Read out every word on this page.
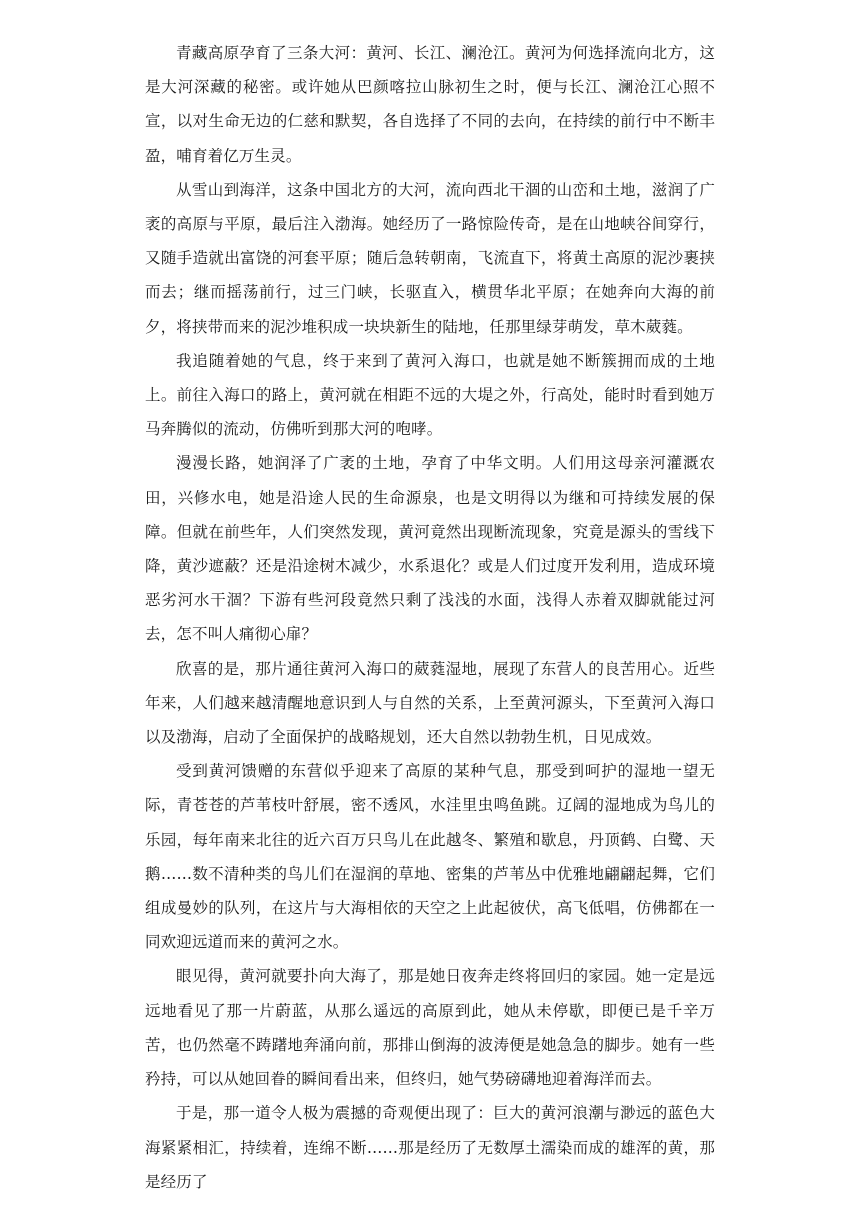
青藏高原孕育了三条大河：黄河、长江、澜沧江。黄河为何选择流向北方，这是大河深藏的秘密。或许她从巴颜喀拉山脉初生之时，便与长江、澜沧江心照不宣，以对生命无边的仁慈和默契，各自选择了不同的去向，在持续的前行中不断丰盈，哺育着亿万生灵。

从雪山到海洋，这条中国北方的大河，流向西北干涸的山峦和土地，滋润了广袤的高原与平原，最后注入渤海。她经历了一路惊险传奇，是在山地峡谷间穿行，又随手造就出富饶的河套平原；随后急转朝南，飞流直下，将黄土高原的泥沙裹挟而去；继而摇荡前行，过三门峡，长驱直入，横贯华北平原；在她奔向大海的前夕，将挟带而来的泥沙堆积成一块块新生的陆地，任那里绿芽萌发，草木葳蕤。

我追随着她的气息，终于来到了黄河入海口，也就是她不断簇拥而成的土地上。前往入海口的路上，黄河就在相距不远的大堤之外，行高处，能时时看到她万马奔腾似的流动，仿佛听到那大河的咆哮。

漫漫长路，她润泽了广袤的土地，孕育了中华文明。人们用这母亲河灌溉农田，兴修水电，她是沿途人民的生命源泉，也是文明得以为继和可持续发展的保障。但就在前些年，人们突然发现，黄河竟然出现断流现象，究竟是源头的雪线下降，黄沙遮蔽？还是沿途树木减少，水系退化？或是人们过度开发利用，造成环境恶劣河水干涸？下游有些河段竟然只剩了浅浅的水面，浅得人赤着双脚就能过河去，怎不叫人痛彻心扉？

欣喜的是，那片通往黄河入海口的葳蕤湿地，展现了东营人的良苦用心。近些年来，人们越来越清醒地意识到人与自然的关系，上至黄河源头，下至黄河入海口以及渤海，启动了全面保护的战略规划，还大自然以勃勃生机，日见成效。

受到黄河馈赠的东营似乎迎来了高原的某种气息，那受到呵护的湿地一望无际，青苍苍的芦苇枝叶舒展，密不透风，水洼里虫鸣鱼跳。辽阔的湿地成为鸟儿的乐园，每年南来北往的近六百万只鸟儿在此越冬、繁殖和歇息，丹顶鹤、白鹭、天鹅……数不清种类的鸟儿们在湿润的草地、密集的芦苇丛中优雅地翩翩起舞，它们组成曼妙的队列，在这片与大海相依的天空之上此起彼伏，高飞低唱，仿佛都在一同欢迎远道而来的黄河之水。

眼见得，黄河就要扑向大海了，那是她日夜奔走终将回归的家园。她一定是远远地看见了那一片蔚蓝，从那么遥远的高原到此，她从未停歇，即便已是千辛万苦，也仍然毫不踌躇地奔涌向前，那排山倒海的波涛便是她急急的脚步。她有一些矜持，可以从她回眷的瞬间看出来，但终归，她气势磅礴地迎着海洋而去。

于是，那一道令人极为震撼的奇观便出现了：巨大的黄河浪潮与渺远的蓝色大海紧紧相汇，持续着，连绵不断……那是经历了无数厚土濡染而成的雄浑的黄，那是经历了
